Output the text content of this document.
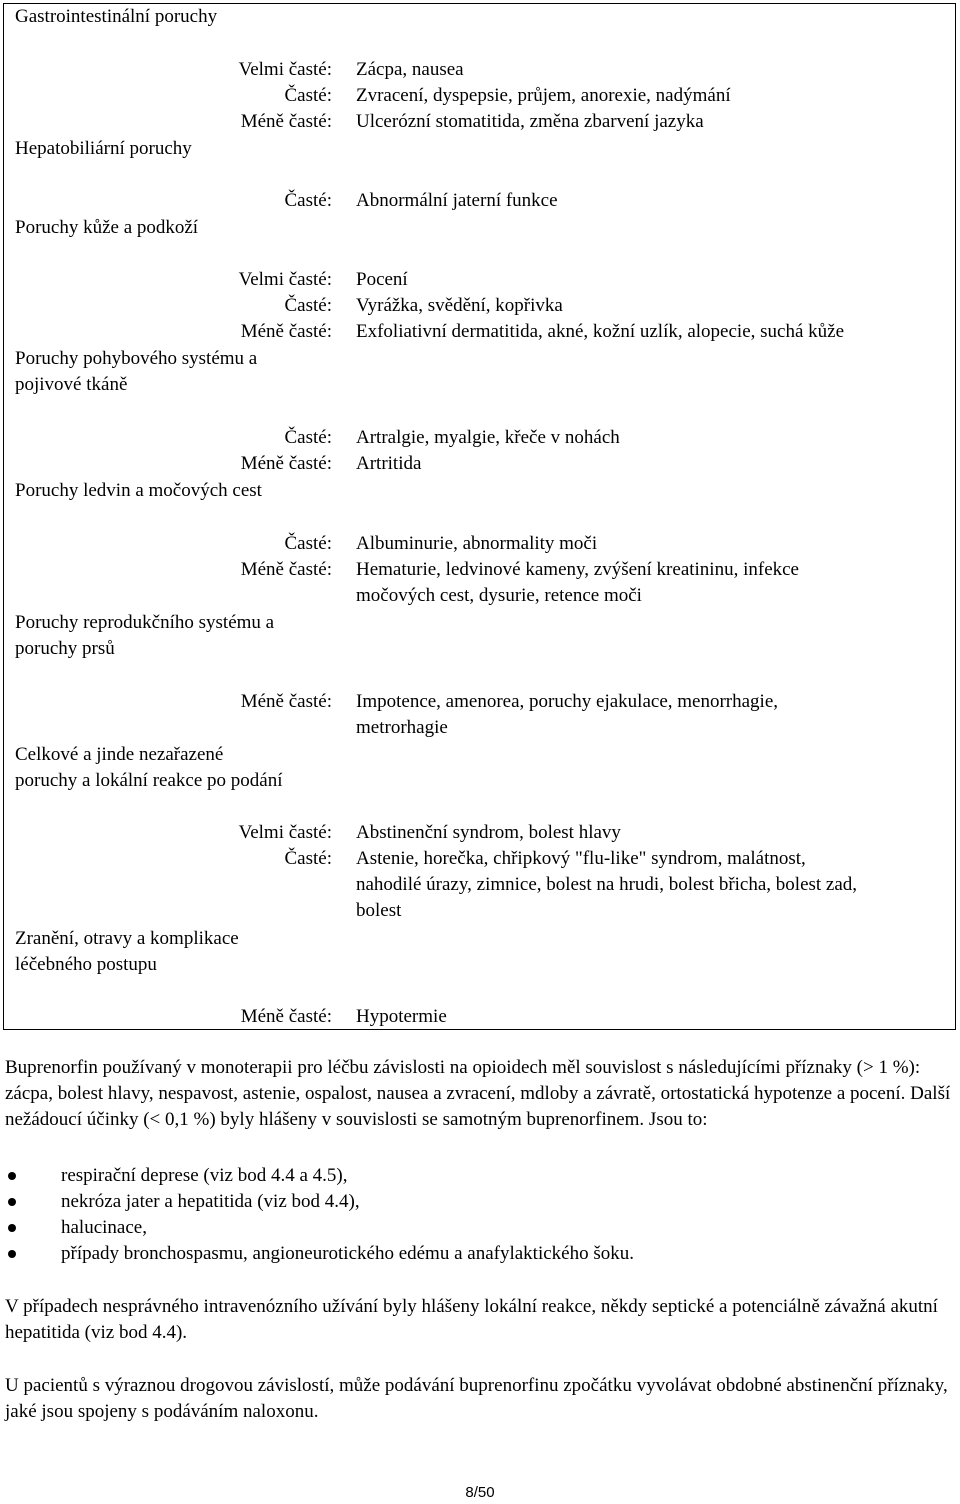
Gastrointestinální poruchy
Velmi časté: Zácpa, nausea
Časté: Zvracení, dyspepsie, průjem, anorexie, nadýmání
Méně časté: Ulcerózní stomatitida, změna zbarvení jazyka
Hepatobiliární poruchy
Časté: Abnormální jaterní funkce
Poruchy kůže a podkoží
Velmi časté: Pocení
Časté: Vyrážka, svědění, kopřivka
Méně časté: Exfoliativní dermatitida, akné, kožní uzlík, alopecie, suchá kůže
Poruchy pohybového systému a
pojivové tkáně
Časté: Artralgie, myalgie, křeče v nohách
Méně časté: Artritida
Poruchy ledvin a močových cest
Časté: Albuminurie, abnormality moči
Méně časté: Hematurie, ledvinové kameny, zvýšení kreatininu, infekce
močových cest, dysurie, retence moči
Poruchy reprodukčního systému a
poruchy prsů
Méně časté: Impotence, amenorea, poruchy ejakulace, menorrhagie,
metrorhagie
Celkové a jinde nezařazené
poruchy a lokální reakce po podání
Velmi časté: Abstinenční syndrom, bolest hlavy
Časté: Astenie, horečka, chřipkový "flu-like" syndrom, malátnost,
nahodilé úrazy, zimnice, bolest na hrudi, bolest břicha, bolest zad,
bolest
Zranění, otravy a komplikace
léčebného postupu
Méně časté: Hypotermie

Buprenorfin používaný v monoterapii pro léčbu závislosti na opioidech měl souvislost s následujícími příznaky (> 1 %): zácpa, bolest hlavy, nespavost, astenie, ospalost, nausea a zvracení, mdloby a závratě, ortostatická hypotenze a pocení. Další nežádoucí účinky (< 0,1 %) byly hlášeny v souvislosti se samotným buprenorfinem. Jsou to:

respirační deprese (viz bod 4.4 a 4.5),
nekróza jater a hepatitida (viz bod 4.4),
halucinace,
případy bronchospasmu, angioneurotického edému a anafylaktického šoku.

V případech nesprávného intravenózního užívání byly hlášeny lokální reakce, někdy septické a potenciálně závažná akutní hepatitida (viz bod 4.4).

U pacientů s výraznou drogovou závislostí, může podávání buprenorfinu zpočátku vyvolávat obdobné abstinenční příznaky, jaké jsou spojeny s podáváním naloxonu.

8/50
